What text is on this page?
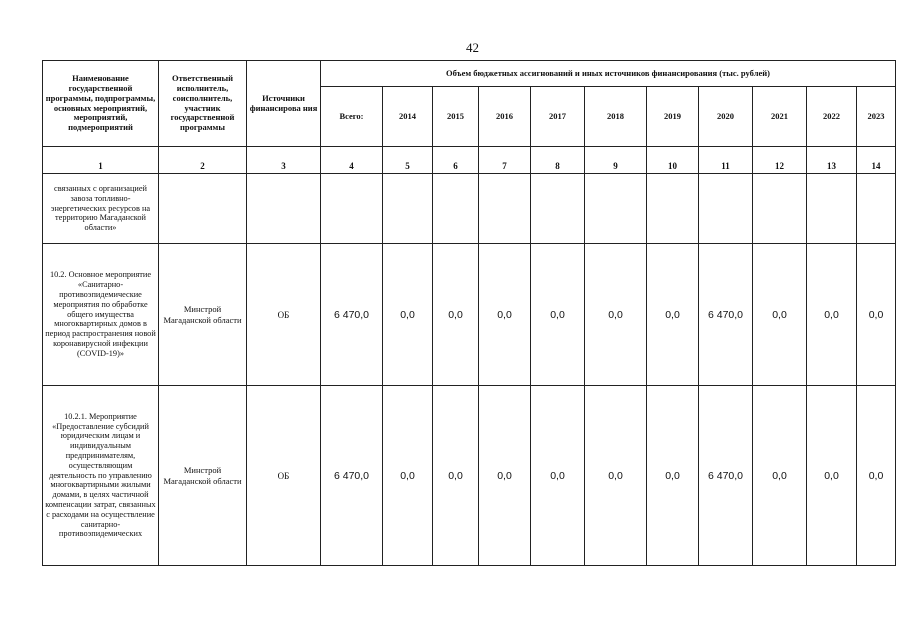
42
Наименование государственной программы, подпрограммы, основных мероприятий, мероприятий, подмероприятий	Ответственный исполнитель, соисполнитель, участник государственной программы	Источники финансирова ния	Объем бюджетных ассигнований и иных источников финансирования (тыс. рублей)										
			Всего:	2014	2015	2016	2017	2018	2019	2020	2021	2022	2023
1	2	3	4	5	6	7	8	9	10	11	12	13	14
связанных с организацией завоза топливно-энергетических ресурсов на территорию Магаданской области»													
10.2. Основное мероприятие «Санитарно-противоэпидемические мероприятия по обработке общего имущества многоквартирных домов в период распространения новой коронавирусной инфекции (COVID-19)»	Минстрой Магаданской области	ОБ	6 470,0	0,0	0,0	0,0	0,0	0,0	0,0	6 470,0	0,0	0,0	0,0
10.2.1. Мероприятие «Предоставление субсидий юридическим лицам и индивидуальным предпринимателям, осуществляющим деятельность по управлению многоквартирными жилыми домами, в целях частичной компенсации затрат, связанных с расходами на осуществление санитарно-противоэпидемических	Минстрой Магаданской области	ОБ	6 470,0	0,0	0,0	0,0	0,0	0,0	0,0	6 470,0	0,0	0,0	0,0
